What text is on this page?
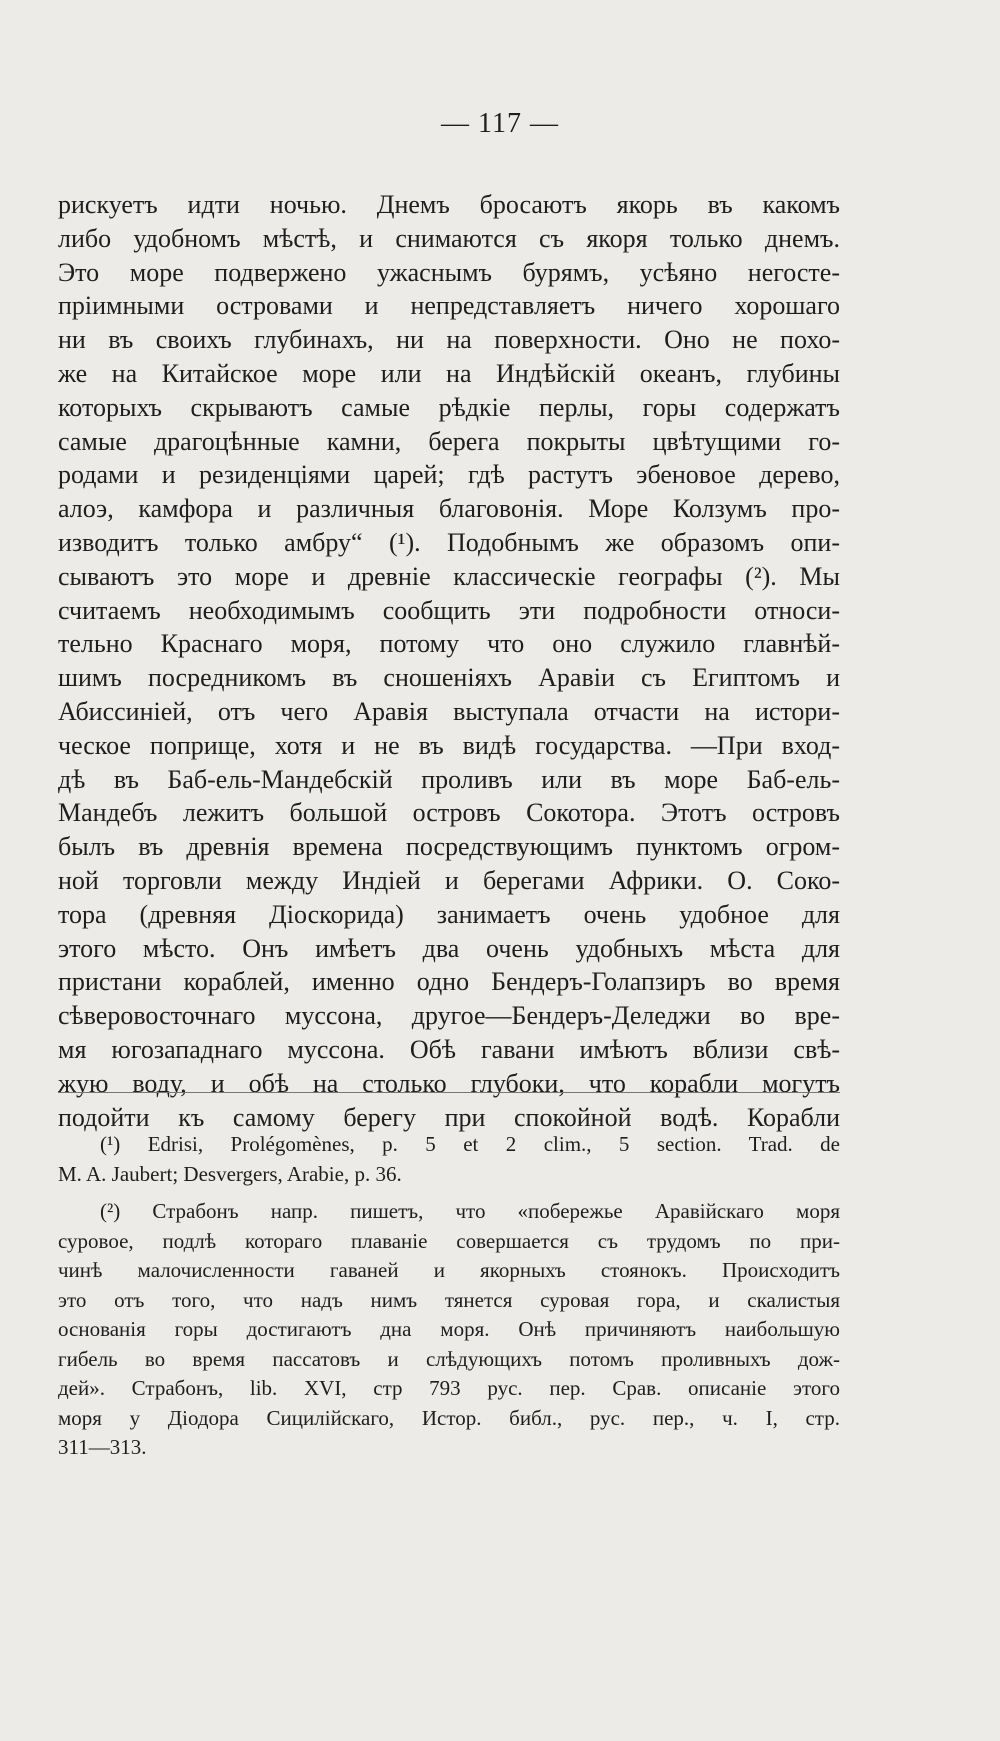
— 117 —
рискуетъ идти ночью. Днемъ бросаютъ якорь въ какомъ
либо удобномъ мѣстѣ, и снимаются съ якоря только днемъ.
Это море подвержено ужаснымъ бурямъ, усѣяно негосте-
пріимными островами и непредставляетъ ничего хорошаго
ни въ своихъ глубинахъ, ни на поверхности. Оно не похо-
же на Китайское море или на Индѣйскій океанъ, глубины
которыхъ скрываютъ самые рѣдкіе перлы, горы содержатъ
самые драгоцѣнные камни, берега покрыты цвѣтущими го-
родами и резиденціями царей; гдѣ растутъ эбеновое дерево,
алоэ, камфора и различныя благовонія. Море Колзумъ про-
изводитъ только амбру“ (¹). Подобнымъ же образомъ опи-
сываютъ это море и древніе классическіе географы (²). Мы
считаемъ необходимымъ сообщить эти подробности относи-
тельно Краснаго моря, потому что оно служило главнѣй-
шимъ посредникомъ въ сношеніяхъ Аравіи съ Египтомъ и
Абиссиніей, отъ чего Аравія выступала отчасти на истори-
ческое поприще, хотя и не въ видѣ государства. —При вход-
дѣ въ Баб-ель-Мандебскій проливъ или въ море Баб-ель-
Мандебъ лежитъ большой островъ Сокотора. Этотъ островъ
былъ въ древнія времена посредствующимъ пунктомъ огром-
ной торговли между Индіей и берегами Африки. О. Соко-
тора (древняя Діоскорида) занимаетъ очень удобное для
этого мѣсто. Онъ имѣетъ два очень удобныхъ мѣста для
пристани кораблей, именно одно Бендеръ-Голапзиръ во время
сѣверовосточнаго муссона, другое—Бендеръ-Деледжи во вре-
мя югозападнаго муссона. Обѣ гавани имѣютъ вблизи свѣ-
жую воду, и обѣ на столько глубоки, что корабли могутъ
подойти къ самому берегу при спокойной водѣ. Корабли
(¹) Edrisi, Prolégomènes, p. 5 et 2 clim., 5 section. Trad. de
M. A. Jaubert; Desvergers, Arabie, p. 36.
(²) Страбонъ напр. пишетъ, что «побережье Аравійскаго моря
суровое, подлѣ котораго плаваніе совершается съ трудомъ по при-
чинѣ малочисленности гаваней и якорныхъ стоянокъ. Происходитъ
это отъ того, что надъ нимъ тянется суровая гора, и скалистыя
основанія горы достигаютъ дна моря. Онѣ причиняютъ наибольшую
гибель во время пассатовъ и слѣдующихъ потомъ проливныхъ дож-
дей». Страбонъ, lib. XVI, стр 793 рус. пер. Срав. описаніе этого
моря у Діодора Сицилійскаго, Истор. библ., рус. пер., ч. I, стр.
311—313.
